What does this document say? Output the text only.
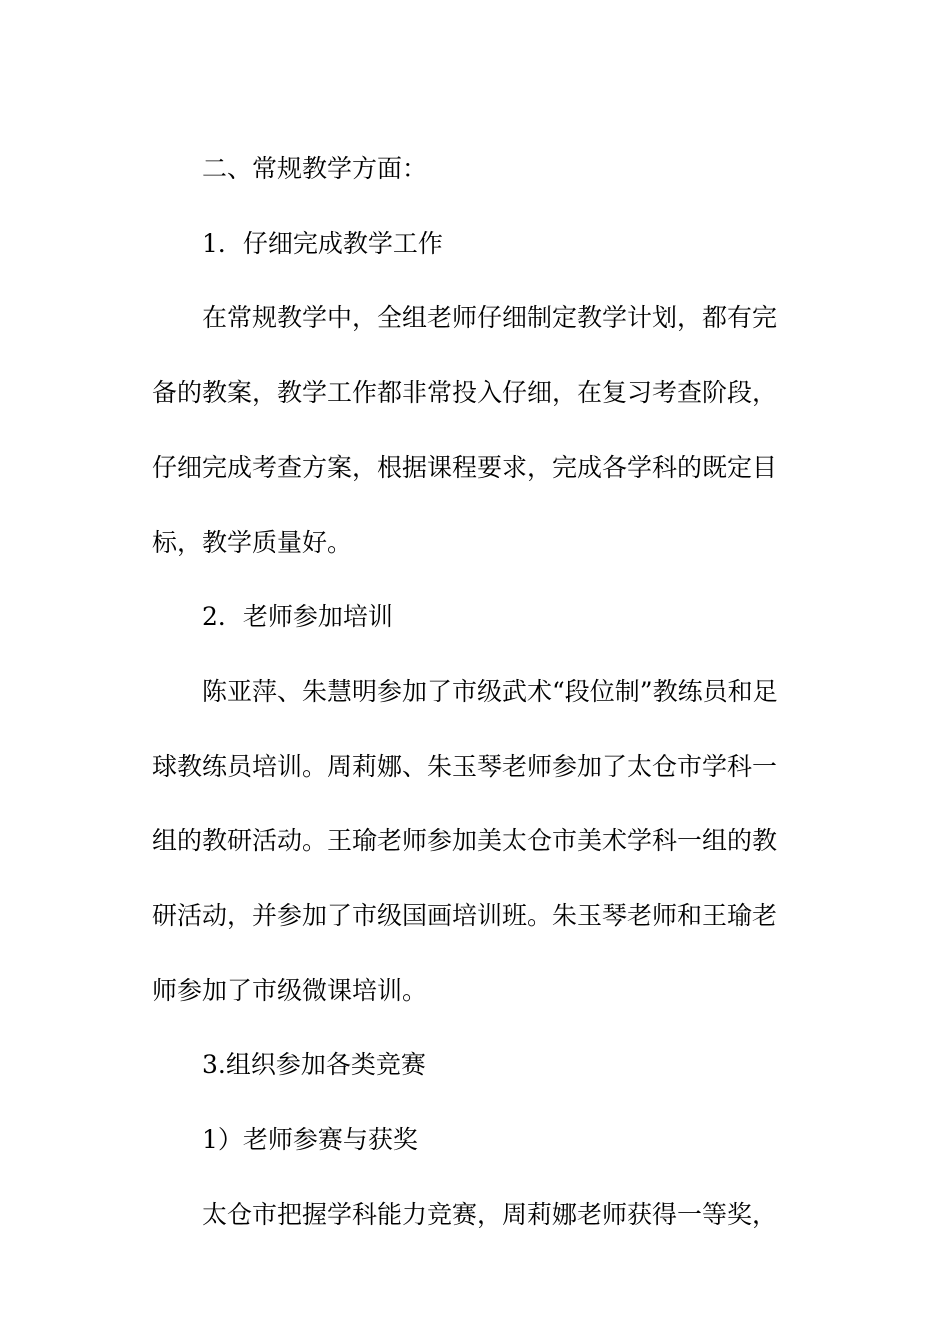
二、常规教学方面：

1．仔细完成教学工作

在常规教学中，全组老师仔细制定教学计划，都有完备的教案，教学工作都非常投入仔细，在复习考查阶段，仔细完成考查方案，根据课程要求，完成各学科的既定目标，教学质量好。

2．老师参加培训

陈亚萍、朱慧明参加了市级武术“段位制”教练员和足球教练员培训。周莉娜、朱玉琴老师参加了太仓市学科一组的教研活动。王瑜老师参加美太仓市美术学科一组的教研活动，并参加了市级国画培训班。朱玉琴老师和王瑜老师参加了市级微课培训。

3.组织参加各类竞赛

1）老师参赛与获奖

太仓市把握学科能力竞赛，周莉娜老师获得一等奖，
